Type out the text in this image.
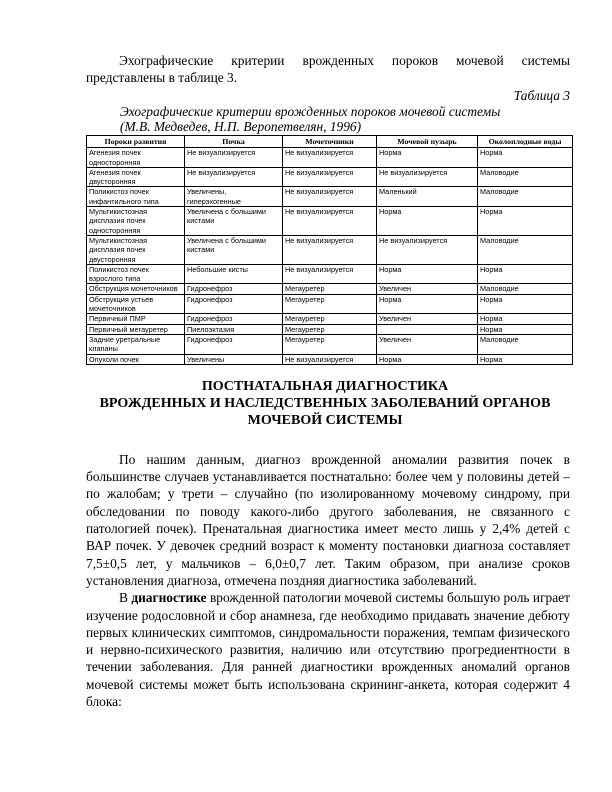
Эхографические критерии врожденных пороков мочевой системы представлены в таблице 3.

Таблица 3

Эхографические критерии врожденных пороков мочевой системы
(М.В. Медведев, Н.П. Веропетвелян, 1996)

Пороки развития	Почка	Мочеточники	Мочевой пузырь	Околоплодные воды
Агенезия почек односторонняя	Не визуализируется	Не визуализируется	Норма	Норма
Агенезия почек двусторонняя	Не визуализируется	Не визуализируется	Не визуализируется	Маловодие
Поликистоз почек инфантильного типа	Увеличены, гиперэхогенные	Не визуализируется	Маленький	Маловодие
Мультикистозная дисплазия почек односторонняя	Увеличена с большими кистами	Не визуализируется	Норма	Норма
Мультикистозная дисплазия почек двусторонняя	Увеличена с большими кистами	Не визуализируется	Не визуализируется	Маловодие
Поликистоз почек взрослого типа	Небольшие кисты	Не визуализируется	Норма	Норма
Обструкция мочеточников	Гидронефроз	Мегауретер	Увеличен	Маловодие
Обструкция устьев мочеточников	Гидронефроз	Мегауретер	Норма	Норма
Первичный ПМР	Гидронефроз	Мегауретер	Увеличен	Норма
Первичный мегауретер	Пиелоэктазия	Мегауретер		Норма
Задние уретральные клапаны	Гидронефроз	Мегауретер	Увеличен	Маловодие
Опухоли почек	Увеличены	Не визуализируется	Норма	Норма
ПОСТНАТАЛЬНАЯ ДИАГНОСТИКА
ВРОЖДЕННЫХ И НАСЛЕДСТВЕННЫХ ЗАБОЛЕВАНИЙ ОРГАНОВ
МОЧЕВОЙ СИСТЕМЫ

По нашим данным, диагноз врожденной аномалии развития почек в большинстве случаев устанавливается постнатально: более чем у половины детей – по жалобам; у трети – случайно (по изолированному мочевому синдрому, при обследовании по поводу какого-либо другого заболевания, не связанного с патологией почек). Пренатальная диагностика имеет место лишь у 2,4% детей с ВАР почек. У девочек средний возраст к моменту постановки диагноза составляет 7,5±0,5 лет, у мальчиков – 6,0±0,7 лет. Таким образом, при анализе сроков установления диагноза, отмечена поздняя диагностика заболеваний.

В диагностике врожденной патологии мочевой системы большую роль играет изучение родословной и сбор анамнеза, где необходимо придавать значение дебюту первых клинических симптомов, синдромальности поражения, темпам физического и нервно-психического развития, наличию или отсутствию прогредиентности в течении заболевания. Для ранней диагностики врожденных аномалий органов мочевой системы может быть использована скрининг-анкета, которая содержит 4 блока:
